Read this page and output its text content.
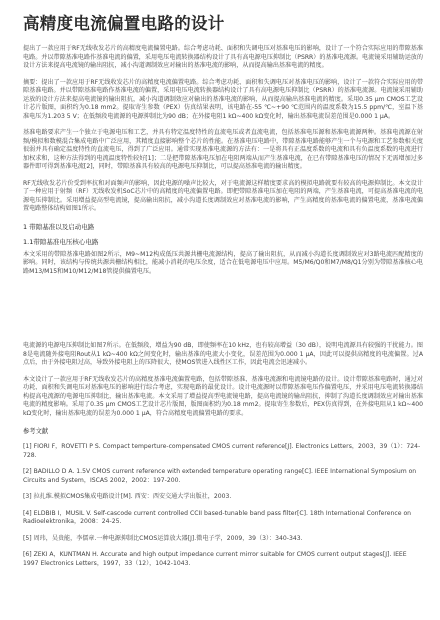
高精度电流偏置电路的设计

提出了一款应用于RF无线收发芯片的高精度电流偏置电路。综合考虑功耗、面积和失调电压对基准电压的影响，设计了一个符合实际应用的带隙基准电路。并以带隙基准电路作基准电流的偏置，采用电压电流转换器结构设计了具有高电源电压抑制比（PSRR）的基准电流源。电流镜采用辅助运放的设计方法来提高电流镜的输出阻抗，减小沟道调制效应对输出的基准电流的影响，从而提高输出基准电流的精度。

摘要：提出了一款应用于RF无线收发芯片的高精度电流偏置电路。综合考虑功耗、面积和失调电压对基准电压的影响，设计了一款符合实际应用的带隙基准电路。并以带隙基准电路作基准电流的偏置，采用电压电流转换器结构设计了具有高电源电压抑制比（PSRR）的基准电流源。电流镜采用辅助运放的设计方法来提高电流镜的输出阻抗，减小沟道调制效应对输出的基准电流的影响，从而提高输出基准电流的精度。采用0.35 μm CMOS工艺设计芯片版图，面积约为0.18 mm2。提取寄生参数（PEX）仿真结果表明，该电路在-55 ℃~+90 ℃范围内的温度系数为15.5 ppm/℃，室温下基准电压为1.203 5 V；在低频段电流源的电源抑制比为90 dB；在外接电阻1 kΩ~400 kΩ变化时，输出基准电流误差范围是0.000 1 μA。

基准电路要求产生一个独立于电源电压和工艺，并具有特定温度特性的直流电压或者直流电流，包括基准电压源和基准电流源两种。基准电流源在射频/模拟和数模混合集成电路中广泛应用，其精度直接影响整个芯片的性能。在基准电压电路中，带隙基准电路能够产生一个与电源和工艺参数相关度很弱并具有确定温度特性的直流电压，得到了广泛应用。通常实现基准电流源的方法有：一是将具有正温度系数的电流和具有负温度系数的电流进行加权求和，这种方法得到的电流温度特性较好[1]；二是把带隙基准电压加在电阻两端从而产生基准电流，在已有带隙基准电压的情况下无需增加过多器件即可得到基准电流[2]，同时，带隙基准具有较高的电源电压抑制比，可以提高基准电流的输出精度。

RF无线收发芯片价受到率抗和对面频声的影响，因此电源的噪声比较大，对于电流源这样精度要求高的模拟电路就要有较高的电源抑制比。本文设计了一种应用于射频（RF）无线收发机SoC芯片中的高精度的电流偏置电路。即把带隙基准电压加在电阻的两端，产生基准电流，可提高基准电流的电源电压抑制比。采用增益提高型电流镜，提高输出阻抗，减小沟道长度调制效应对基准电流的影响，产生高精度的基准电流的偏置电流，基准电流偏置电路整体结构如图1所示。

1 带隙基准以及启动电路
1.1带隙基准电压核心电路

本文采用的带隙基准电路如图2所示，M9~M12构成低压共源共栅电流源结构，提高了输出阻抗，从而减小沟道长度调制效应对3路电流匹配精度的影响。同时，该结构与传统共源共栅结构相比，能减小消耗的电压余度，适合在低电源电压中应用。M5/M6/Q0和M7/M8/Q1分别为带隙基准核心电路M13/M15和M10/M12/M18管提供偏置电压。

电流源的电源电压抑制比如图7所示。在低频段，增益为90 dB，即使频率在10 kHz，也有较高增益（30 dB），说明电流源具有较强的干扰能力。图8是电流随外接电阻Rout从1 kΩ~400 kΩ之间变化时，输出基准的电流大小变化，误差范围为0.000 1 μA，因此可以提供高精度的电流偏置。过A点后，由于外接电阻过高，导致外接电阻上的压降很大，使MOS管进入线性区工作，因此电流会迅速减小。

本文设计了一款应用于RF无线收发芯片的高精度基准电流偏置电路，包括带隙基准、基准电流源和电流镜电路的设计。设计带隙基准电路时，通过对功耗、面积和失调电压对基准电压的影响进行综合考虑，实现电路的最优设计。设计电流源时以带隙基准电压作偏置电压，并采用电压电流转换器结构提高电流源的电源电压抑制比，输出基准电流。本文采用了增益提高型电流镜电路，提高电流镜的输出阻抗，抑制了沟道长度调制效应对输出基准电流的精度影响。采用了0.35 μm CMOS工艺设计芯片版图，版图面积约为0.18 mm2。提取寄生参数后，PEX仿真得到，在外接电阻从1 kΩ~400 kΩ变化时，输出基准电流的误差为0.000 1 μA，符合高精度电流偏置电路的要求。

参考文献
[1] FIORI F，ROVETTI P S. Compact temperture-compensated CMOS current reference[J]. Electronics Letters，2003，39（1）：724-728.
[2] BADILLO D A. 1.5V CMOS current reference with extended temperature operating range[C]. IEEE International Symposium on Circuits and System，ISCAS 2002，2002：197-200.
[3] 拉扎维.模拟CMOS集成电路设计[M]. 西安：西安交通大学出版社，2003.
[4] ELDBIB I，MUSIL V. Self-cascode current controlled CCII based-tunable band pass filter[C]. 18th International Conference on Radioelektronika，2008：24-25.
[5] 周玮，吴贵能，李儒章.一种电源抑制比CMOS运算放大器[J].微电子学，2009，39（3）：340-343.
[6] ZEKI A，KUNTMAN H. Accurate and high output impedance current mirror suitable for CMOS current output stages[J]. IEEE 1997 Electronics Letters，1997，33（12），1042-1043.
